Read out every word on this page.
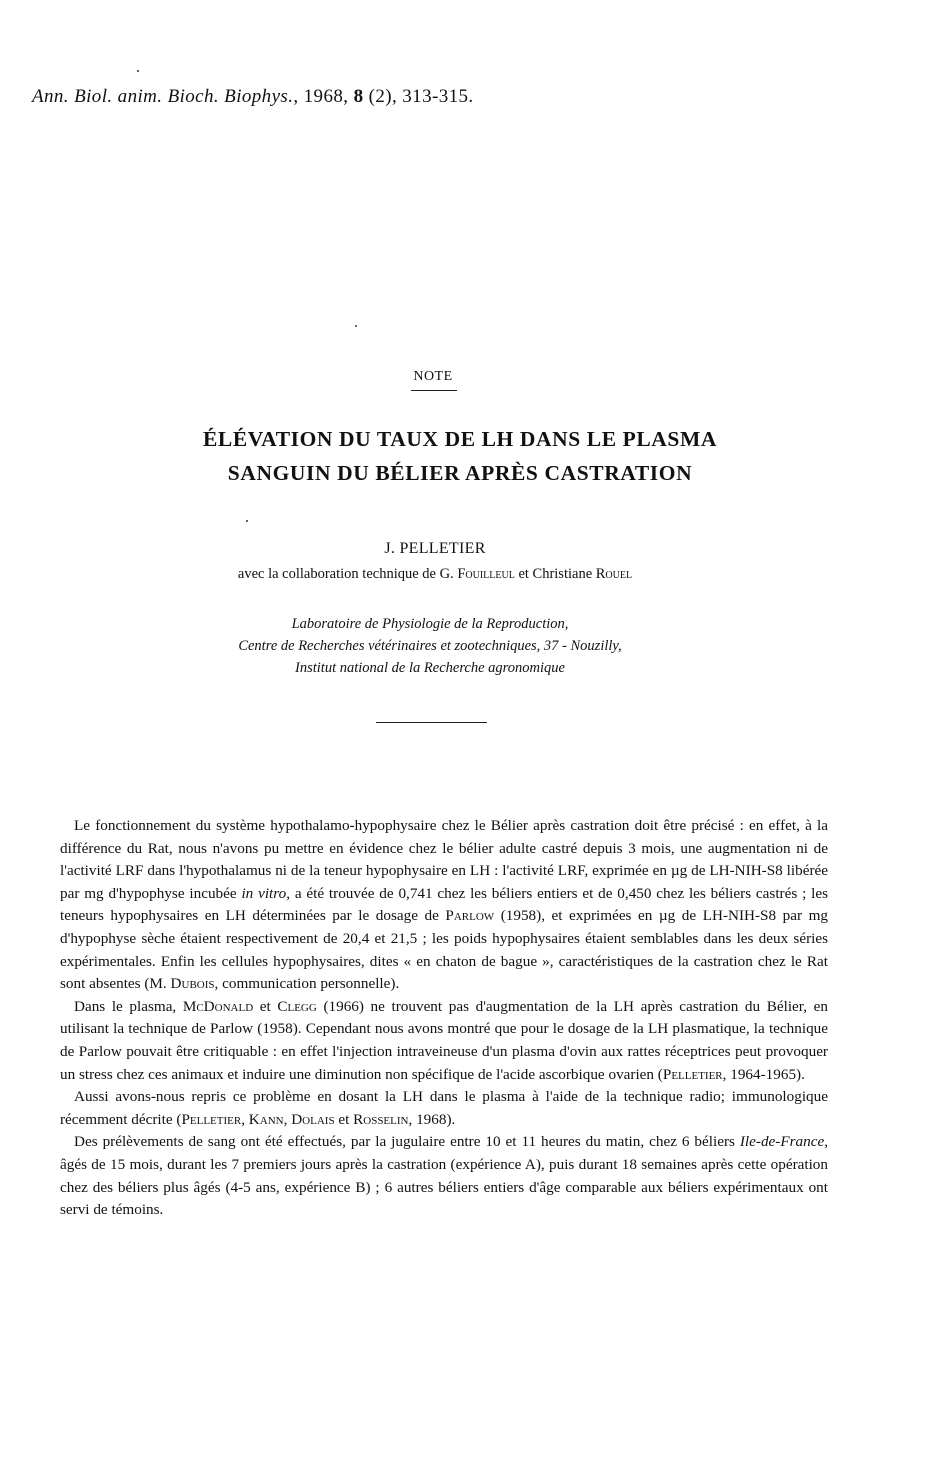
Ann. Biol. anim. Bioch. Biophys., 1968, 8 (2), 313-315.
NOTE
ÉLÉVATION DU TAUX DE LH DANS LE PLASMA
SANGUIN DU BÉLIER APRÈS CASTRATION
J. PELLETIER
avec la collaboration technique de G. Fouilleul et Christiane Rouel
Laboratoire de Physiologie de la Reproduction,
Centre de Recherches vétérinaires et zootechniques, 37 - Nouzilly,
Institut national de la Recherche agronomique

Le fonctionnement du système hypothalamo-hypophysaire chez le Bélier après castration doit être précisé : en effet, à la différence du Rat, nous n'avons pu mettre en évidence chez le bélier adulte castré depuis 3 mois, une augmentation ni de l'activité LRF dans l'hypothalamus ni de la teneur hypophysaire en LH : l'activité LRF, exprimée en µg de LH-NIH-S8 libérée par mg d'hypophyse incubée in vitro, a été trouvée de 0,741 chez les béliers entiers et de 0,450 chez les béliers castrés ; les teneurs hypophysaires en LH déterminées par le dosage de Parlow (1958), et exprimées en µg de LH-NIH-S8 par mg d'hypophyse sèche étaient respectivement de 20,4 et 21,5 ; les poids hypophysaires étaient semblables dans les deux séries expérimentales. Enfin les cellules hypophysaires, dites « en chaton de bague », caractéristiques de la castration chez le Rat sont absentes (M. Dubois, communication personnelle).

Dans le plasma, McDonald et Clegg (1966) ne trouvent pas d'augmentation de la LH après castration du Bélier, en utilisant la technique de Parlow (1958). Cependant nous avons montré que pour le dosage de la LH plasmatique, la technique de Parlow pouvait être critiquable : en effet l'injection intraveineuse d'un plasma d'ovin aux rattes réceptrices peut provoquer un stress chez ces animaux et induire une diminution non spécifique de l'acide ascorbique ovarien (Pelletier, 1964-1965).

Aussi avons-nous repris ce problème en dosant la LH dans le plasma à l'aide de la technique radio; immunologique récemment décrite (Pelletier, Kann, Dolais et Rosselin, 1968).

Des prélèvements de sang ont été effectués, par la jugulaire entre 10 et 11 heures du matin, chez 6 béliers Ile-de-France, âgés de 15 mois, durant les 7 premiers jours après la castration (expérience A), puis durant 18 semaines après cette opération chez des béliers plus âgés (4-5 ans, expérience B) ; 6 autres béliers entiers d'âge comparable aux béliers expérimentaux ont servi de témoins.
